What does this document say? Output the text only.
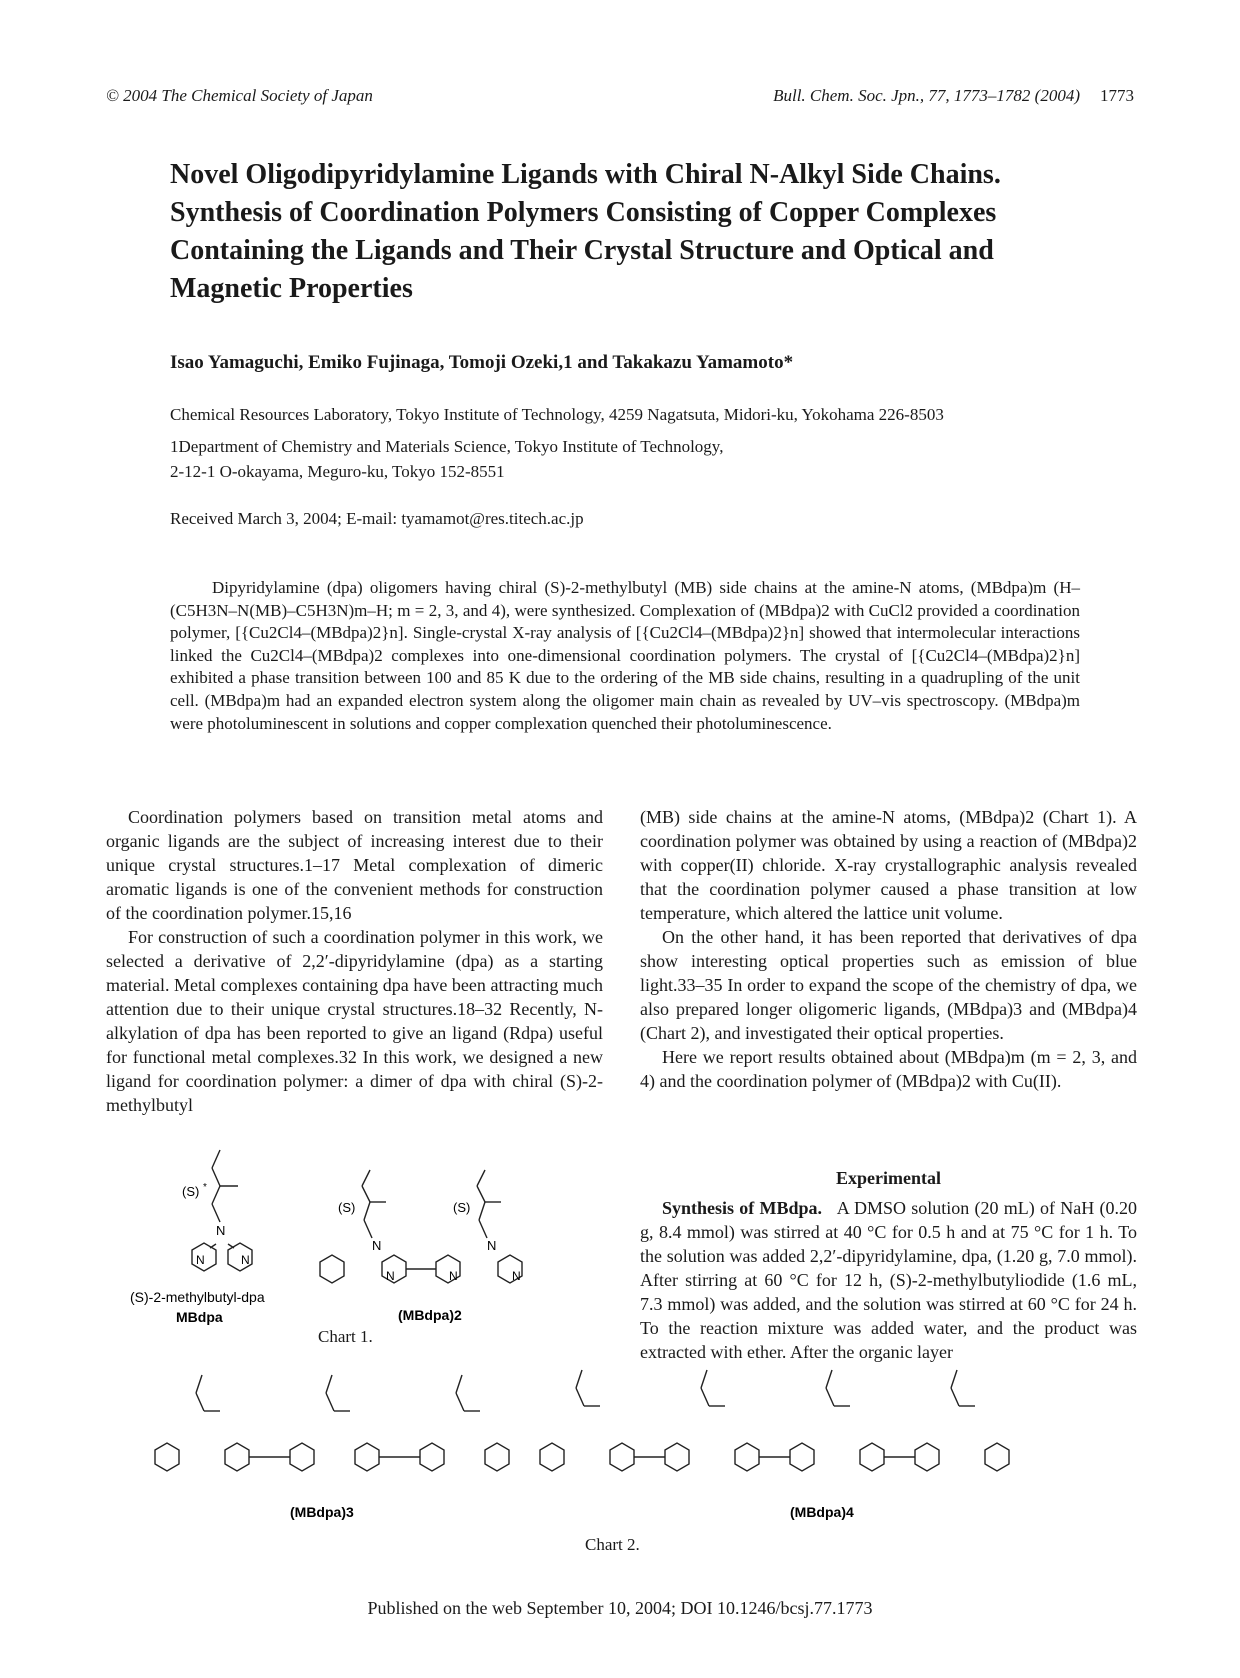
© 2004 The Chemical Society of Japan	Bull. Chem. Soc. Jpn., 77, 1773–1782 (2004) 1773
Novel Oligodipyridylamine Ligands with Chiral N-Alkyl Side Chains. Synthesis of Coordination Polymers Consisting of Copper Complexes Containing the Ligands and Their Crystal Structure and Optical and Magnetic Properties
Isao Yamaguchi, Emiko Fujinaga, Tomoji Ozeki,1 and Takakazu Yamamoto*
Chemical Resources Laboratory, Tokyo Institute of Technology, 4259 Nagatsuta, Midori-ku, Yokohama 226-8503
1Department of Chemistry and Materials Science, Tokyo Institute of Technology,
2-12-1 O-okayama, Meguro-ku, Tokyo 152-8551
Received March 3, 2004; E-mail: tyamamot@res.titech.ac.jp
Dipyridylamine (dpa) oligomers having chiral (S)-2-methylbutyl (MB) side chains at the amine-N atoms, (MBdpa)m (H–(C5H3N–N(MB)–C5H3N)m–H; m = 2, 3, and 4), were synthesized. Complexation of (MBdpa)2 with CuCl2 provided a coordination polymer, [{Cu2Cl4–(MBdpa)2}n]. Single-crystal X-ray analysis of [{Cu2Cl4–(MBdpa)2}n] showed that intermolecular interactions linked the Cu2Cl4–(MBdpa)2 complexes into one-dimensional coordination polymers. The crystal of [{Cu2Cl4–(MBdpa)2}n] exhibited a phase transition between 100 and 85 K due to the ordering of the MB side chains, resulting in a quadrupling of the unit cell. (MBdpa)m had an expanded electron system along the oligomer main chain as revealed by UV–vis spectroscopy. (MBdpa)m were photoluminescent in solutions and copper complexation quenched their photoluminescence.

Coordination polymers based on transition metal atoms and organic ligands are the subject of increasing interest due to their unique crystal structures.1–17 Metal complexation of dimeric aromatic ligands is one of the convenient methods for construction of the coordination polymer.15,16

For construction of such a coordination polymer in this work, we selected a derivative of 2,2′-dipyridylamine (dpa) as a starting material. Metal complexes containing dpa have been attracting much attention due to their unique crystal structures.18–32 Recently, N-alkylation of dpa has been reported to give an ligand (Rdpa) useful for functional metal complexes.32 In this work, we designed a new ligand for coordination polymer: a dimer of dpa with chiral (S)-2-methylbutyl

(MB) side chains at the amine-N atoms, (MBdpa)2 (Chart 1). A coordination polymer was obtained by using a reaction of (MBdpa)2 with copper(II) chloride. X-ray crystallographic analysis revealed that the coordination polymer caused a phase transition at low temperature, which altered the lattice unit volume.

On the other hand, it has been reported that derivatives of dpa show interesting optical properties such as emission of blue light.33–35 In order to expand the scope of the chemistry of dpa, we also prepared longer oligomeric ligands, (MBdpa)3 and (MBdpa)4 (Chart 2), and investigated their optical properties.

Here we report results obtained about (MBdpa)m (m = 2, 3, and 4) and the coordination polymer of (MBdpa)2 with Cu(II).

Experimental

Synthesis of MBdpa. A DMSO solution (20 mL) of NaH (0.20 g, 8.4 mmol) was stirred at 40 °C for 0.5 h and at 75 °C for 1 h. To the solution was added 2,2′-dipyridylamine, dpa, (1.20 g, 7.0 mmol). After stirring at 60 °C for 12 h, (S)-2-methylbutyliodide (1.6 mL, 7.3 mmol) was added, and the solution was stirred at 60 °C for 24 h. To the reaction mixture was added water, and the product was extracted with ether. After the organic layer

(S) *
N
N	N
(S)-2-methylbutyl-dpa
MBdpa
(S)
N
(S)
N
N	N	N
(MBdpa)2
Chart 1.
(MBdpa)3	(MBdpa)4
Chart 2.
Published on the web September 10, 2004; DOI 10.1246/bcsj.77.1773
